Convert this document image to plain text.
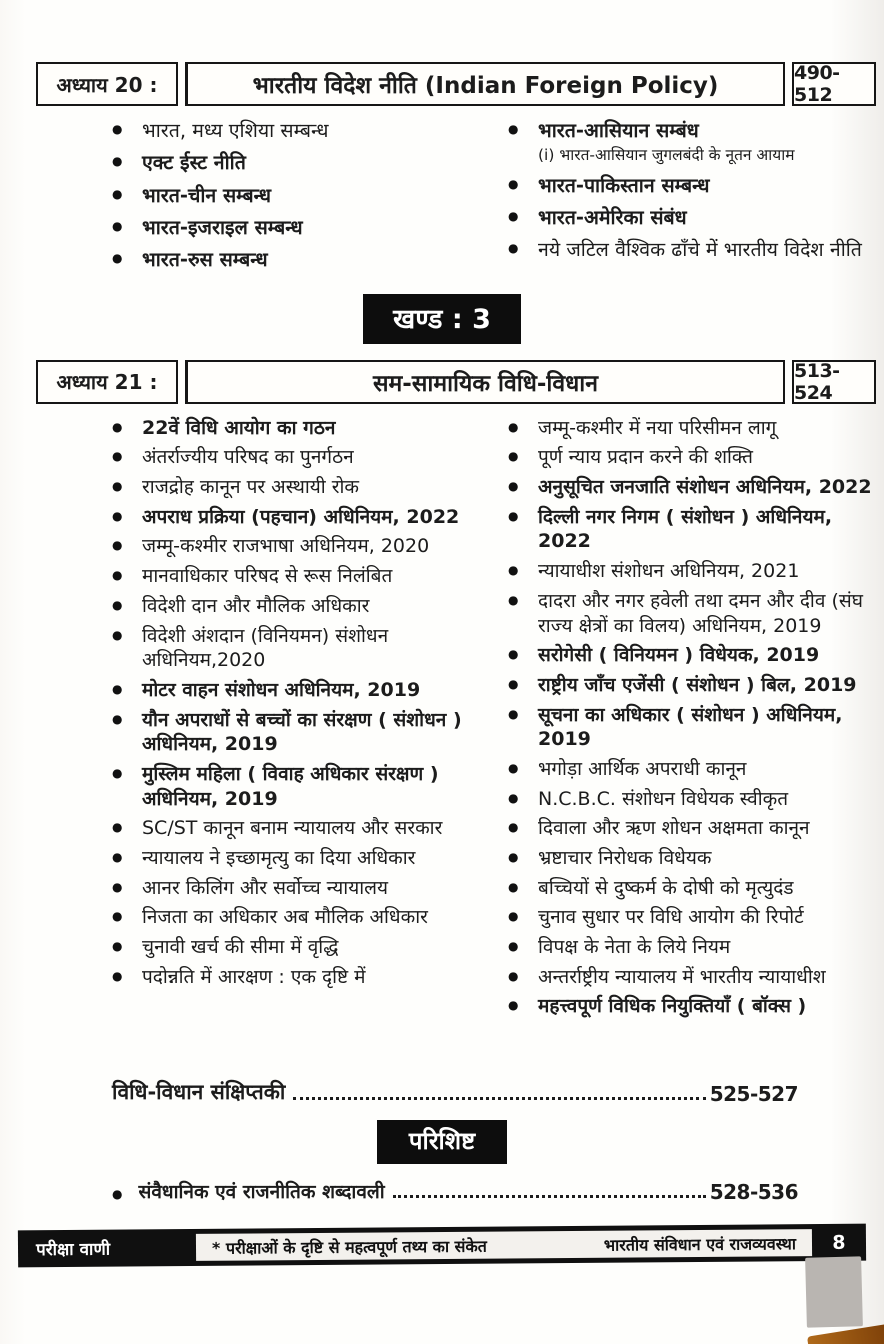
अध्याय 20 :	भारतीय विदेश नीति (Indian Foreign Policy)	490-512
●	भारत, मध्य एशिया सम्बन्ध
●	एक्ट ईस्ट नीति
●	भारत-चीन सम्बन्ध
●	भारत-इजराइल सम्बन्ध
●	भारत-रुस सम्बन्ध
●	भारत-आसियान सम्बंध
(i) भारत-आसियान जुगलबंदी के नूतन आयाम
●	भारत-पाकिस्तान सम्बन्ध
●	भारत-अमेरिका संबंध
●	नये जटिल वैश्विक ढाँचे में भारतीय विदेश नीति
खण्ड : 3
अध्याय 21 :	सम-सामायिक विधि-विधान	513-524
●	22वें विधि आयोग का गठन
●	अंतर्राज्यीय परिषद का पुनर्गठन
●	राजद्रोह कानून पर अस्थायी रोक
●	अपराध प्रक्रिया (पहचान) अधिनियम, 2022
●	जम्मू-कश्मीर राजभाषा अधिनियम, 2020
●	मानवाधिकार परिषद से रूस निलंबित
●	विदेशी दान और मौलिक अधिकार
●	विदेशी अंशदान (विनियमन) संशोधन अधिनियम,2020
●	मोटर वाहन संशोधन अधिनियम, 2019
●	यौन अपराधों से बच्चों का संरक्षण ( संशोधन ) अधिनियम, 2019
●	मुस्लिम महिला ( विवाह अधिकार संरक्षण ) अधिनियम, 2019
●	SC/ST कानून बनाम न्यायालय और सरकार
●	न्यायालय ने इच्छामृत्यु का दिया अधिकार
●	आनर किलिंग और सर्वोच्च न्यायालय
●	निजता का अधिकार अब मौलिक अधिकार
●	चुनावी खर्च की सीमा में वृद्धि
●	पदोन्नति में आरक्षण : एक दृष्टि में
●	जम्मू-कश्मीर में नया परिसीमन लागू
●	पूर्ण न्याय प्रदान करने की शक्ति
●	अनुसूचित जनजाति संशोधन अधिनियम, 2022
●	दिल्ली नगर निगम ( संशोधन ) अधिनियम, 2022
●	न्यायाधीश संशोधन अधिनियम, 2021
●	दादरा और नगर हवेली तथा दमन और दीव (संघ राज्य क्षेत्रों का विलय) अधिनियम, 2019
●	सरोगेसी ( विनियमन ) विधेयक, 2019
●	राष्ट्रीय जाँच एजेंसी ( संशोधन ) बिल, 2019
●	सूचना का अधिकार ( संशोधन ) अधिनियम, 2019
●	भगोड़ा आर्थिक अपराधी कानून
●	N.C.B.C. संशोधन विधेयक स्वीकृत
●	दिवाला और ऋण शोधन अक्षमता कानून
●	भ्रष्टाचार निरोधक विधेयक
●	बच्चियों से दुष्कर्म के दोषी को मृत्युदंड
●	चुनाव सुधार पर विधि आयोग की रिपोर्ट
●	विपक्ष के नेता के लिये नियम
●	अन्तर्राष्ट्रीय न्यायालय में भारतीय न्यायाधीश
●	महत्त्वपूर्ण विधिक नियुक्तियाँ ( बॉक्स )
विधि-विधान संक्षिप्तकी	525-527
परिशिष्ट
● संवैधानिक एवं राजनीतिक शब्दावली	528-536
परीक्षा वाणी	* परीक्षाओं के दृष्टि से महत्वपूर्ण तथ्य का संकेत	भारतीय संविधान एवं राजव्यवस्था	8
